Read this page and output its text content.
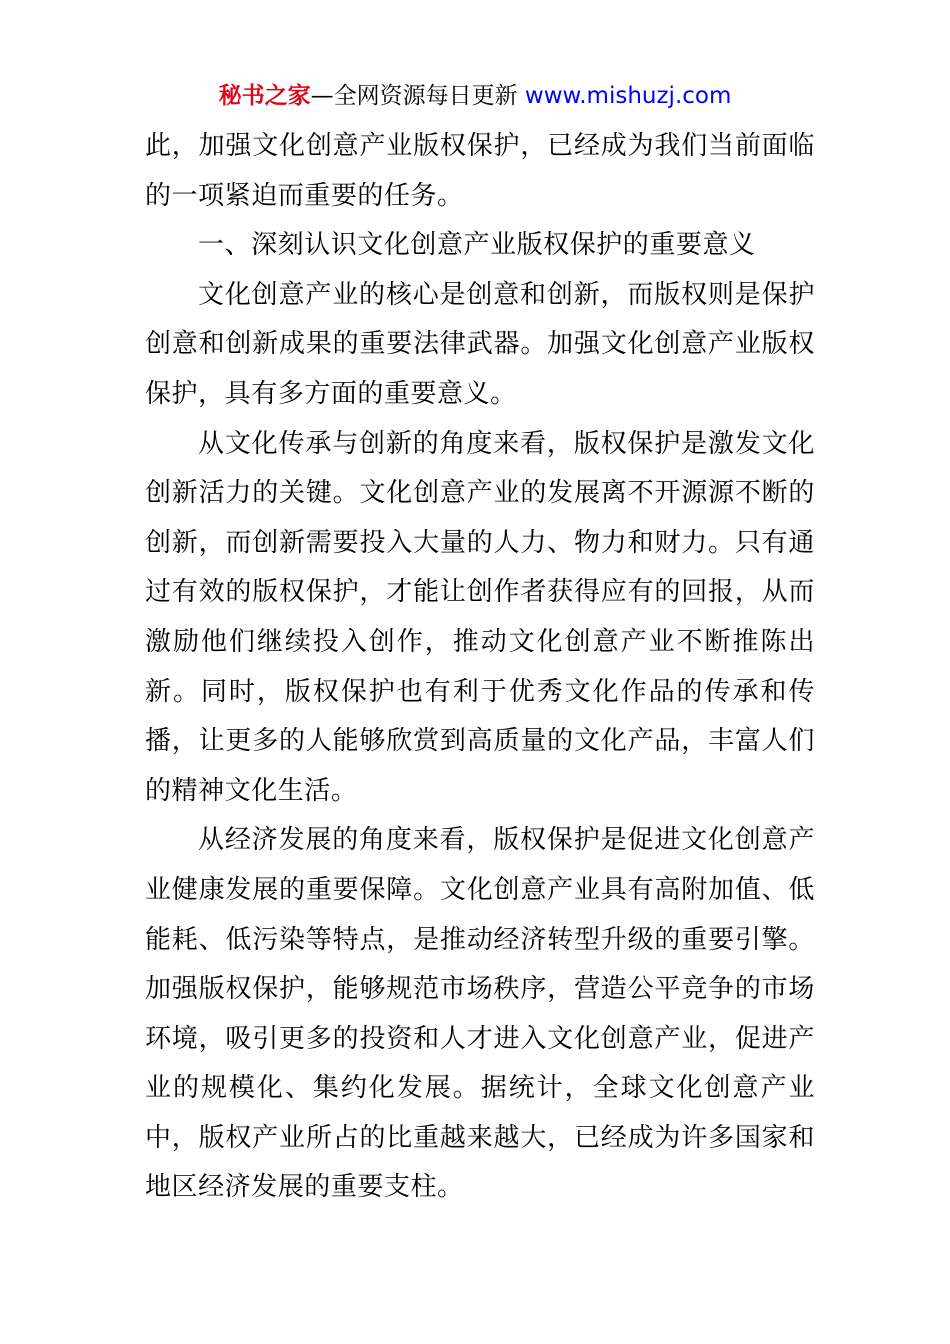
秘书之家—全网资源每日更新 www.mishuzj.com

此，加强文化创意产业版权保护，已经成为我们当前面临的一项紧迫而重要的任务。

一、深刻认识文化创意产业版权保护的重要意义

文化创意产业的核心是创意和创新，而版权则是保护创意和创新成果的重要法律武器。加强文化创意产业版权保护，具有多方面的重要意义。

从文化传承与创新的角度来看，版权保护是激发文化创新活力的关键。文化创意产业的发展离不开源源不断的创新，而创新需要投入大量的人力、物力和财力。只有通过有效的版权保护，才能让创作者获得应有的回报，从而激励他们继续投入创作，推动文化创意产业不断推陈出新。同时，版权保护也有利于优秀文化作品的传承和传播，让更多的人能够欣赏到高质量的文化产品，丰富人们的精神文化生活。

从经济发展的角度来看，版权保护是促进文化创意产业健康发展的重要保障。文化创意产业具有高附加值、低能耗、低污染等特点，是推动经济转型升级的重要引擎。加强版权保护，能够规范市场秩序，营造公平竞争的市场环境，吸引更多的投资和人才进入文化创意产业，促进产业的规模化、集约化发展。据统计，全球文化创意产业中，版权产业所占的比重越来越大，已经成为许多国家和地区经济发展的重要支柱。
